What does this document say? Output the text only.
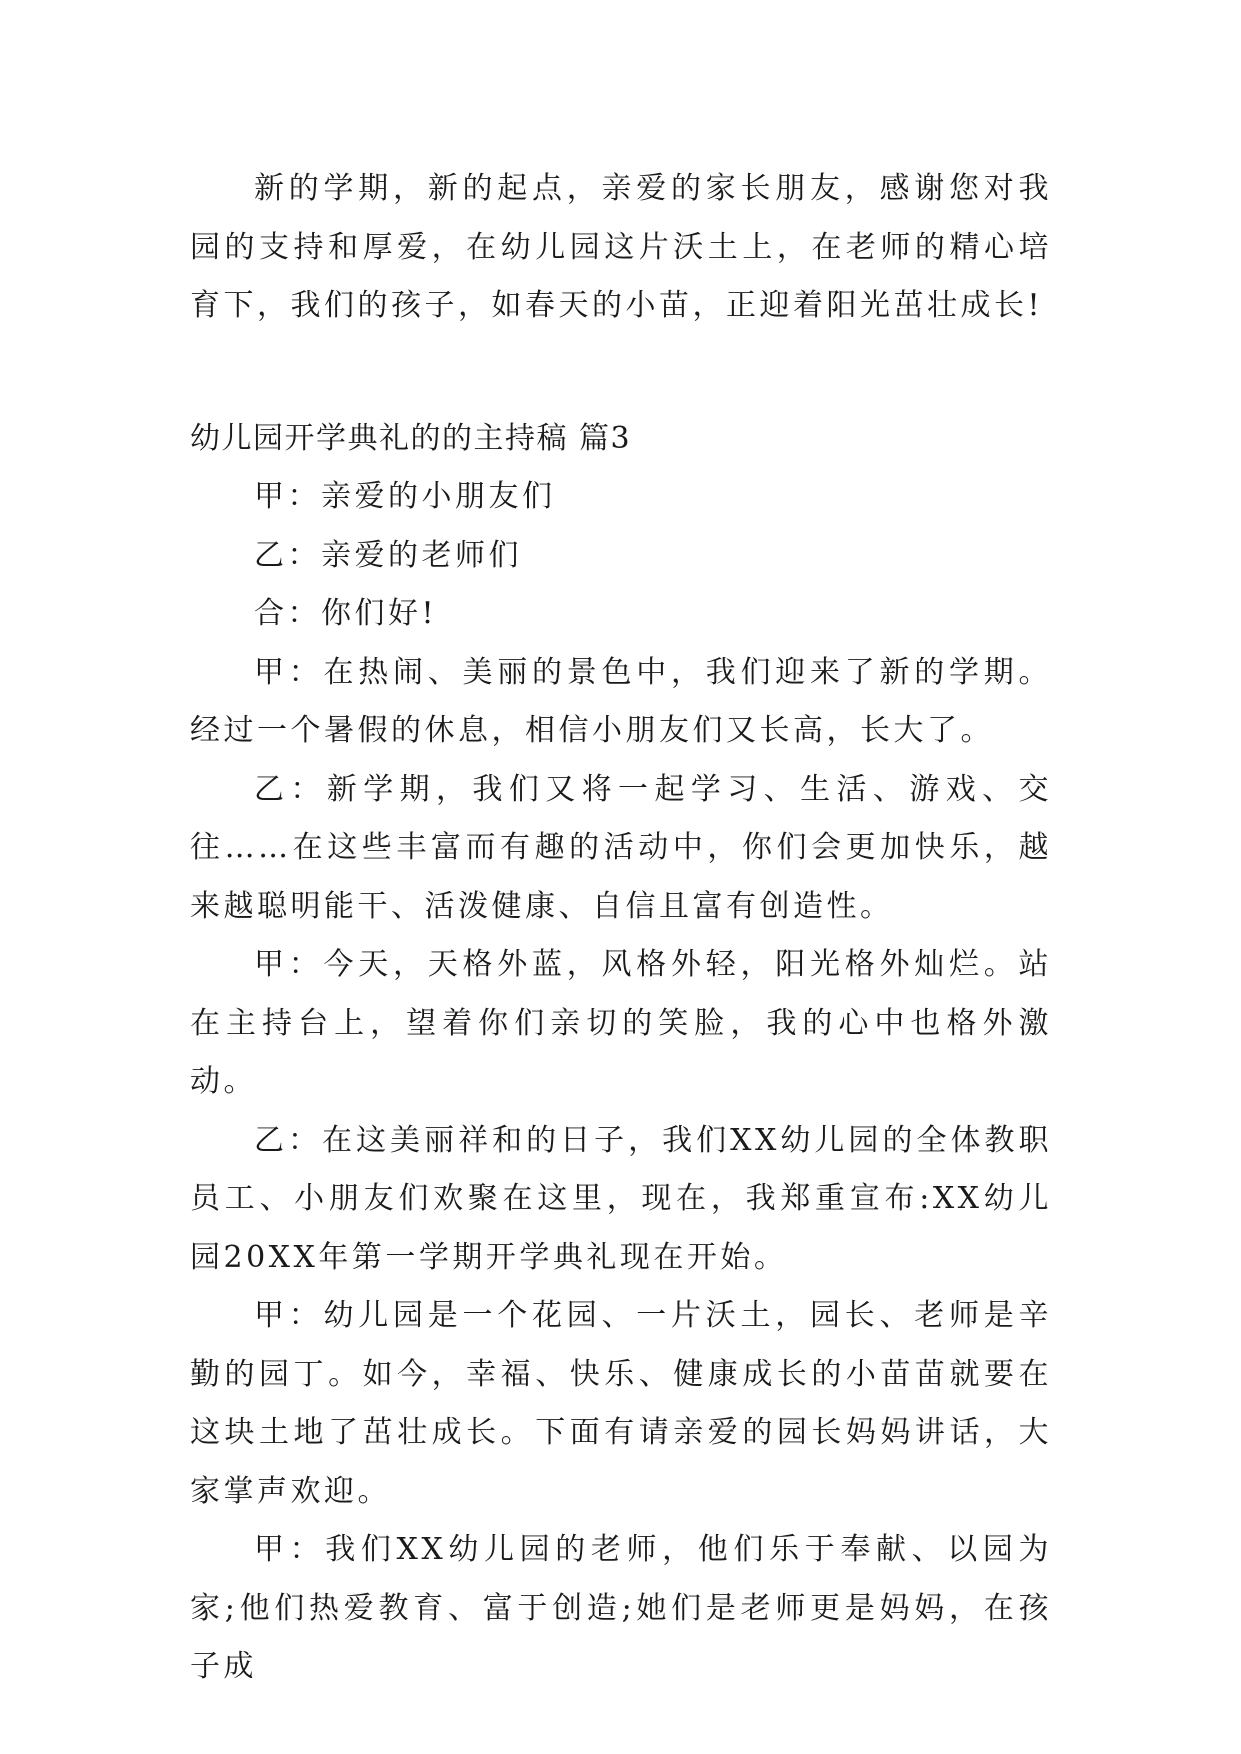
新的学期，新的起点，亲爱的家长朋友，感谢您对我园的支持和厚爱，在幼儿园这片沃土上，在老师的精心培育下，我们的孩子，如春天的小苗，正迎着阳光茁壮成长!

幼儿园开学典礼的的主持稿 篇3

甲：亲爱的小朋友们

乙：亲爱的老师们

合：你们好!

甲：在热闹、美丽的景色中，我们迎来了新的学期。经过一个暑假的休息，相信小朋友们又长高，长大了。

乙：新学期，我们又将一起学习、生活、游戏、交往……在这些丰富而有趣的活动中，你们会更加快乐，越来越聪明能干、活泼健康、自信且富有创造性。

甲：今天，天格外蓝，风格外轻，阳光格外灿烂。站在主持台上，望着你们亲切的笑脸，我的心中也格外激动。

乙：在这美丽祥和的日子，我们XX幼儿园的全体教职员工、小朋友们欢聚在这里，现在，我郑重宣布:XX幼儿园20XX年第一学期开学典礼现在开始。

甲：幼儿园是一个花园、一片沃土，园长、老师是辛勤的园丁。如今，幸福、快乐、健康成长的小苗苗就要在这块土地了茁壮成长。下面有请亲爱的园长妈妈讲话，大家掌声欢迎。

甲：我们XX幼儿园的老师，他们乐于奉献、以园为家;他们热爱教育、富于创造;她们是老师更是妈妈，在孩子成
